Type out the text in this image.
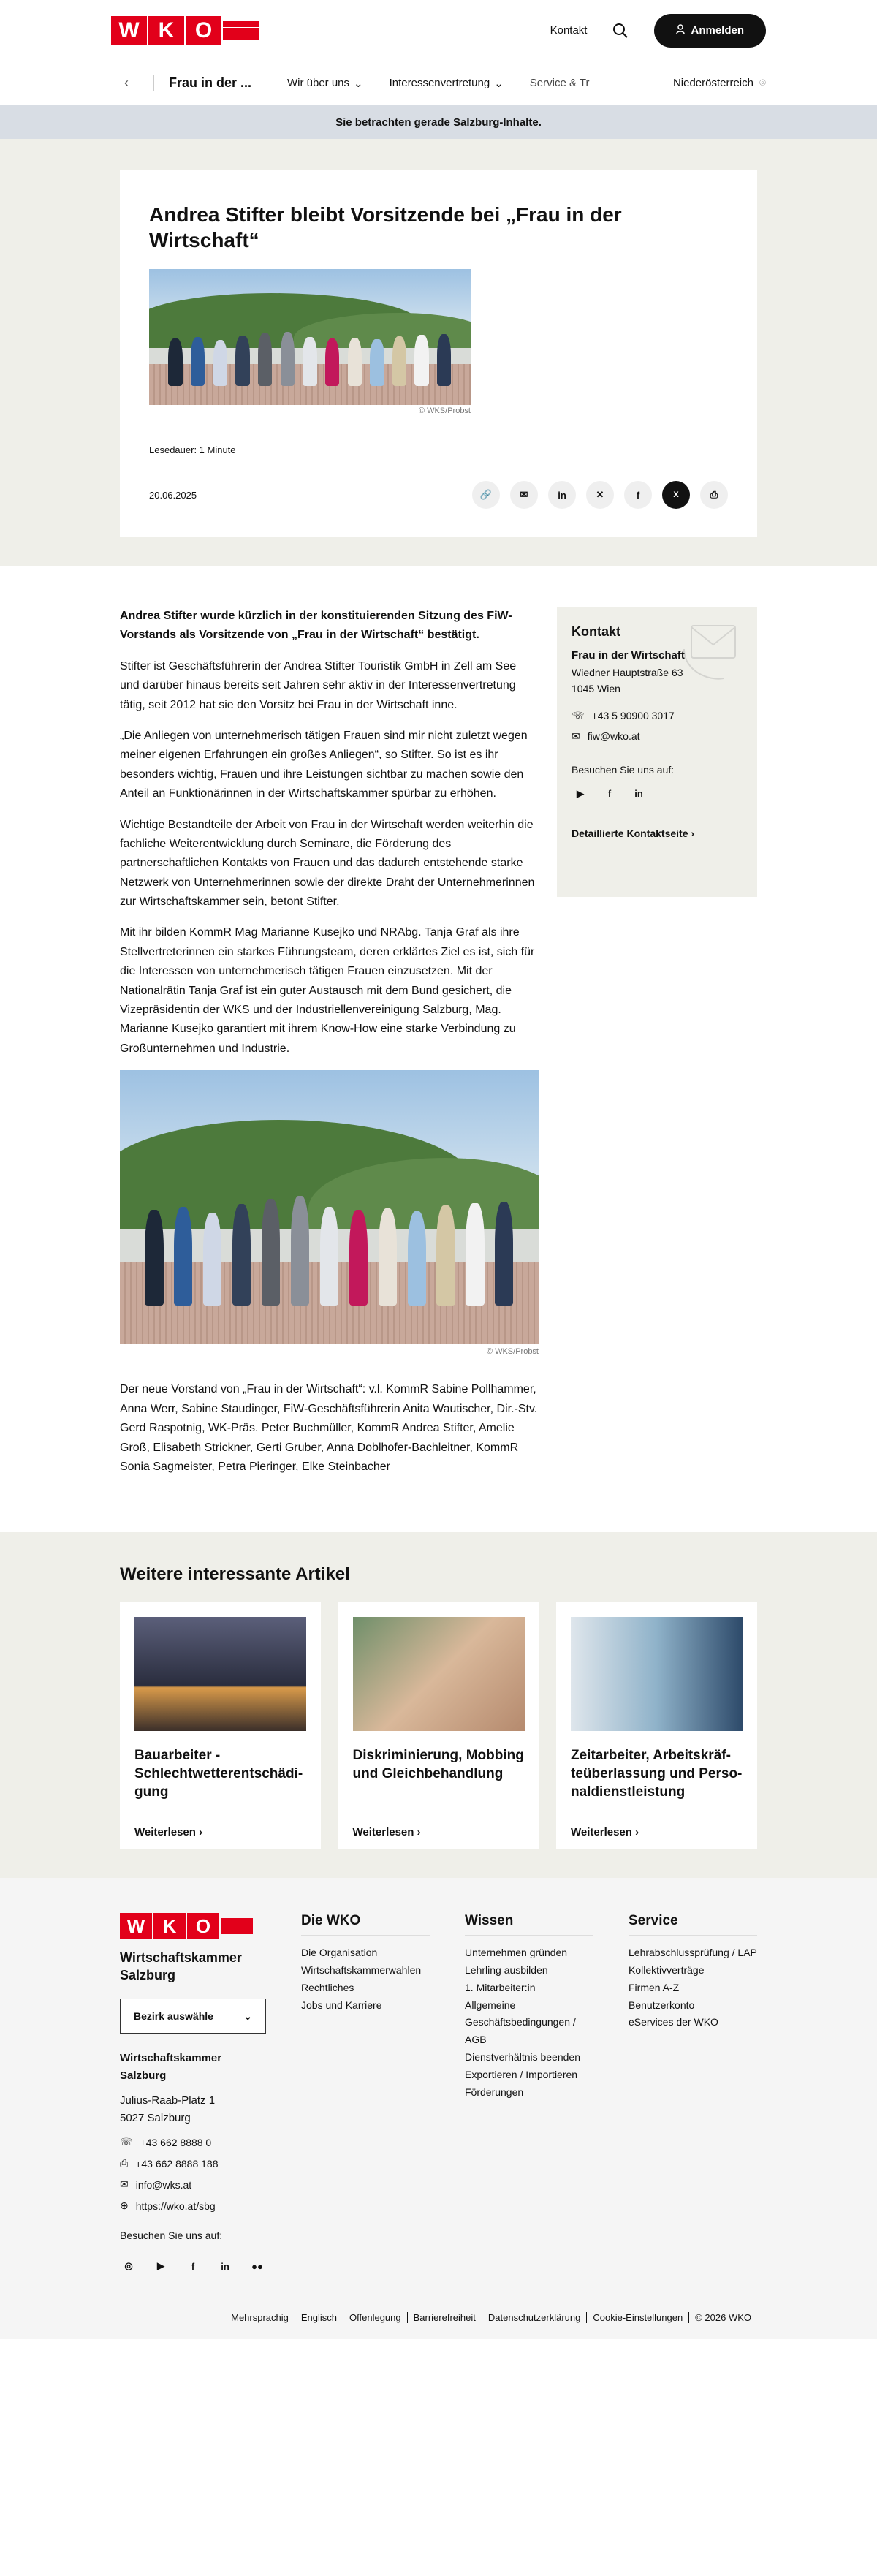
W K O	Kontakt	Anmelden
‹	Frau in der ...	Wir über uns ⌄ Interessenvertretung ⌄ Service & Tr	Niederösterreich ⌾
Sie betrachten gerade Salzburg-Inhalte.
Andrea Stifter bleibt Vorsitzende bei „Frau in der Wirtschaft“
© WKS/Probst
Lesedauer: 1 Minute
20.06.2025	🔗	✉	in	✕	f	X	⎙

Andrea Stifter wurde kürzlich in der konstituierenden Sitzung des FiW-Vorstands als Vorsitzende von „Frau in der Wirtschaft“ bestätigt.

Stifter ist Geschäftsführerin der Andrea Stifter Touristik GmbH in Zell am See und darüber hinaus bereits seit Jahren sehr aktiv in der Interessenvertretung tätig, seit 2012 hat sie den Vorsitz bei Frau in der Wirtschaft inne.

„Die Anliegen von unternehmerisch tätigen Frauen sind mir nicht zuletzt wegen meiner eigenen Erfahrungen ein großes Anliegen“, so Stifter. So ist es ihr besonders wichtig, Frauen und ihre Leistungen sichtbar zu machen sowie den Anteil an Funktionärinnen in der Wirtschaftskammer spürbar zu erhöhen.

Wichtige Bestandteile der Arbeit von Frau in der Wirtschaft werden weiterhin die fachliche Weiterentwicklung durch Seminare, die Förderung des partnerschaftlichen Kontakts von Frauen und das dadurch entstehende starke Netzwerk von Unternehmerinnen sowie der direkte Draht der Unternehmerinnen zur Wirtschaftskammer sein, betont Stifter.

Mit ihr bilden KommR Mag Marianne Kusejko und NRAbg. Tanja Graf als ihre Stellvertreterinnen ein starkes Führungsteam, deren erklärtes Ziel es ist, sich für die Interessen von unternehmerisch tätigen Frauen einzusetzen. Mit der Nationalrätin Tanja Graf ist ein guter Austausch mit dem Bund gesichert, die Vizepräsidentin der WKS und der Industriellenvereinigung Salzburg, Mag. Marianne Kusejko garantiert mit ihrem Know-How eine starke Verbindung zu Großunternehmen und Industrie.

© WKS/Probst

Der neue Vorstand von „Frau in der Wirtschaft“: v.l. KommR Sabine Pollhammer, Anna Werr, Sabine Staudinger, FiW-Geschäftsführerin Anita Wautischer, Dir.-Stv. Gerd Raspotnig, WK-Präs. Peter Buchmüller, KommR Andrea Stifter, Amelie Groß, Elisabeth Strickner, Gerti Gruber, Anna Doblhofer-Bachleitner, KommR Sonia Sagmeister, Petra Pieringer, Elke Steinbacher

Kontakt
Frau in der Wirtschaft
Wiedner Hauptstraße 63
1045 Wien
☏ +43 5 90900 3017
✉ fiw@wko.at
Besuchen Sie uns auf:
▶	f	in
Detaillierte Kontaktseite ›
Weitere interessante Artikel
Bauarbeiter - Schlechtwetterentschädi-gung
Weiterlesen ›
Diskriminierung, Mobbing und Gleichbehandlung
Weiterlesen ›
Zeitarbeiter, Arbeitskräf-teüberlassung und Perso-naldienstleistung
Weiterlesen ›
W K	O
Wirtschaftskammer Salzburg
Bezirk auswähle	⌄
Wirtschaftskammer Salzburg
Julius-Raab-Platz 1
5027 Salzburg
☏ +43 662 8888 0
⎙ +43 662 8888 188
✉ info@wks.at
⊕ https://wko.at/sbg
Besuchen Sie uns auf:
◎	▶	f	in	●●
Die WKO
Die Organisation
Wirtschaftskammerwahlen
Rechtliches
Jobs und Karriere
Wissen
Unternehmen gründen
Lehrling ausbilden
1. Mitarbeiter:in
Allgemeine Geschäftsbedingungen / AGB
Dienstverhältnis beenden
Exportieren / Importieren
Förderungen
Service
Lehrabschlussprüfung / LAP
Kollektivverträge
Firmen A-Z
Benutzerkonto
eServices der WKO
Mehrsprachig	Englisch	Offenlegung	Barrierefreiheit	Datenschutzerklärung	Cookie-Einstellungen	© 2026 WKO
